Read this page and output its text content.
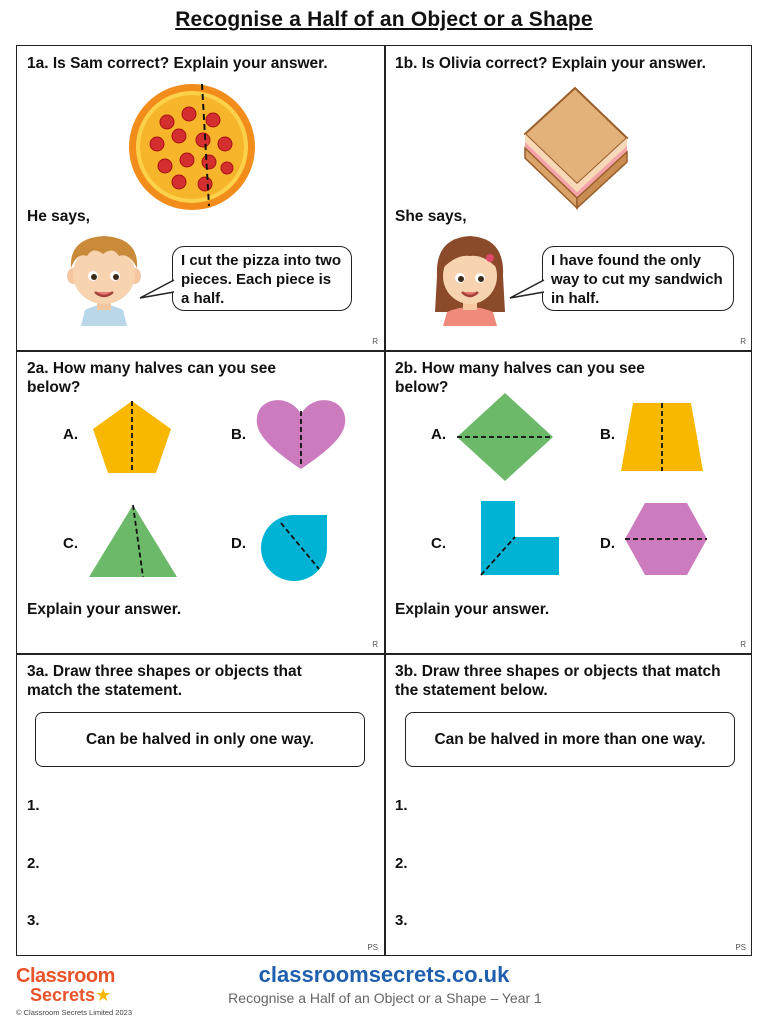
Recognise a Half of an Object or a Shape
1a. Is Sam correct? Explain your answer.
He says,
I cut the pizza into two pieces. Each piece is a half.
R
1b. Is Olivia correct? Explain your answer.
She says,
I have found the only way to cut my sandwich in half.
R
2a. How many halves can you see below?
A.	B.
C.	D.
Explain your answer.
R
2b. How many halves can you see below?
A.	B.
C.	D.
Explain your answer.
R
3a. Draw three shapes or objects that match the statement.
Can be halved in only one way.
1.
2.
3.
PS
3b. Draw three shapes or objects that match the statement below.
Can be halved in more than one way.
1.
2.
3.
PS
Classroom
Secrets★
classroomsecrets.co.uk
Recognise a Half of an Object or a Shape – Year 1
© Classroom Secrets Limited 2023
